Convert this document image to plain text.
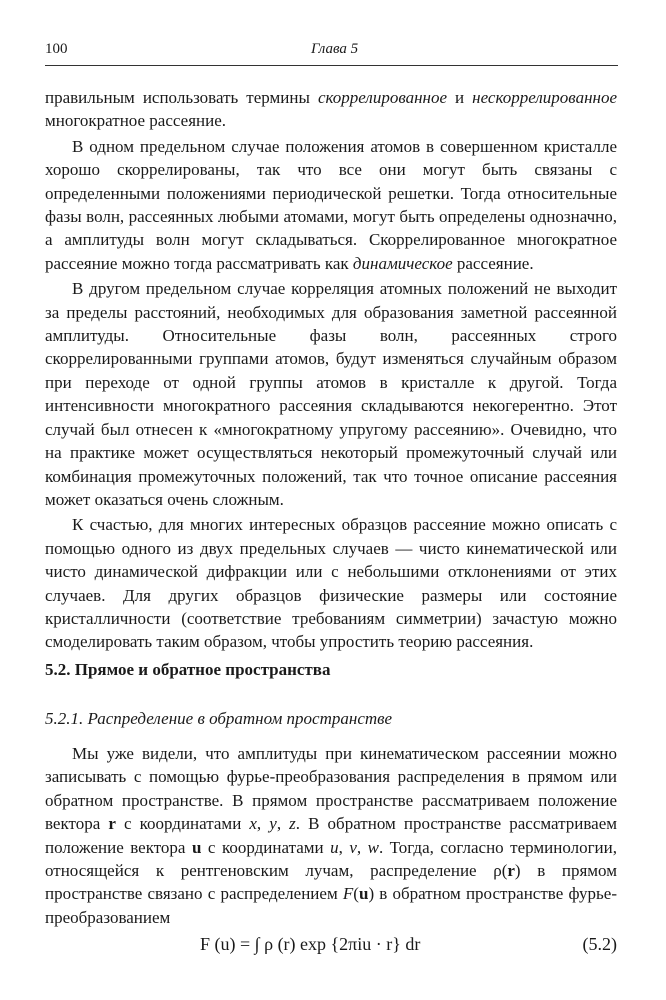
100	Глава 5

правильным использовать термины скоррелированное и нескоррелированное многократное рассеяние.

В одном предельном случае положения атомов в совершенном кристалле хорошо скоррелированы, так что все они могут быть связаны с определенными положениями периодической решетки. Тогда относительные фазы волн, рассеянных любыми атомами, могут быть определены однозначно, а амплитуды волн могут складываться. Скоррелированное многократное рассеяние можно тогда рассматривать как динамическое рассеяние.

В другом предельном случае корреляция атомных положений не выходит за пределы расстояний, необходимых для образования заметной рассеянной амплитуды. Относительные фазы волн, рассеянных строго скоррелированными группами атомов, будут изменяться случайным образом при переходе от одной группы атомов в кристалле к другой. Тогда интенсивности многократного рассеяния складываются некогерентно. Этот случай был отнесен к «многократному упругому рассеянию». Очевидно, что на практике может осуществляться некоторый промежуточный случай или комбинация промежуточных положений, так что точное описание рассеяния может оказаться очень сложным.

К счастью, для многих интересных образцов рассеяние можно описать с помощью одного из двух предельных случаев — чисто кинематической или чисто динамической дифракции или с небольшими отклонениями от этих случаев. Для других образцов физические размеры или состояние кристалличности (соответствие требованиям симметрии) зачастую можно смоделировать таким образом, чтобы упростить теорию рассеяния.

5.2. Прямое и обратное пространства
5.2.1. Распределение в обратном пространстве

Мы уже видели, что амплитуды при кинематическом рассеянии можно записывать с помощью фурье-преобразования распределения в прямом или обратном пространстве. В прямом пространстве рассматриваем положение вектора r с координатами x, y, z. В обратном пространстве рассматриваем положение вектора u с координатами u, v, w. Тогда, согласно терминологии, относящейся к рентгеновским лучам, распределение ρ(r) в прямом пространстве связано с распределением F(u) в обратном пространстве фурье-преобразованием

F (u) = ∫ ρ (r) exp {2πiu · r} dr	(5.2)
